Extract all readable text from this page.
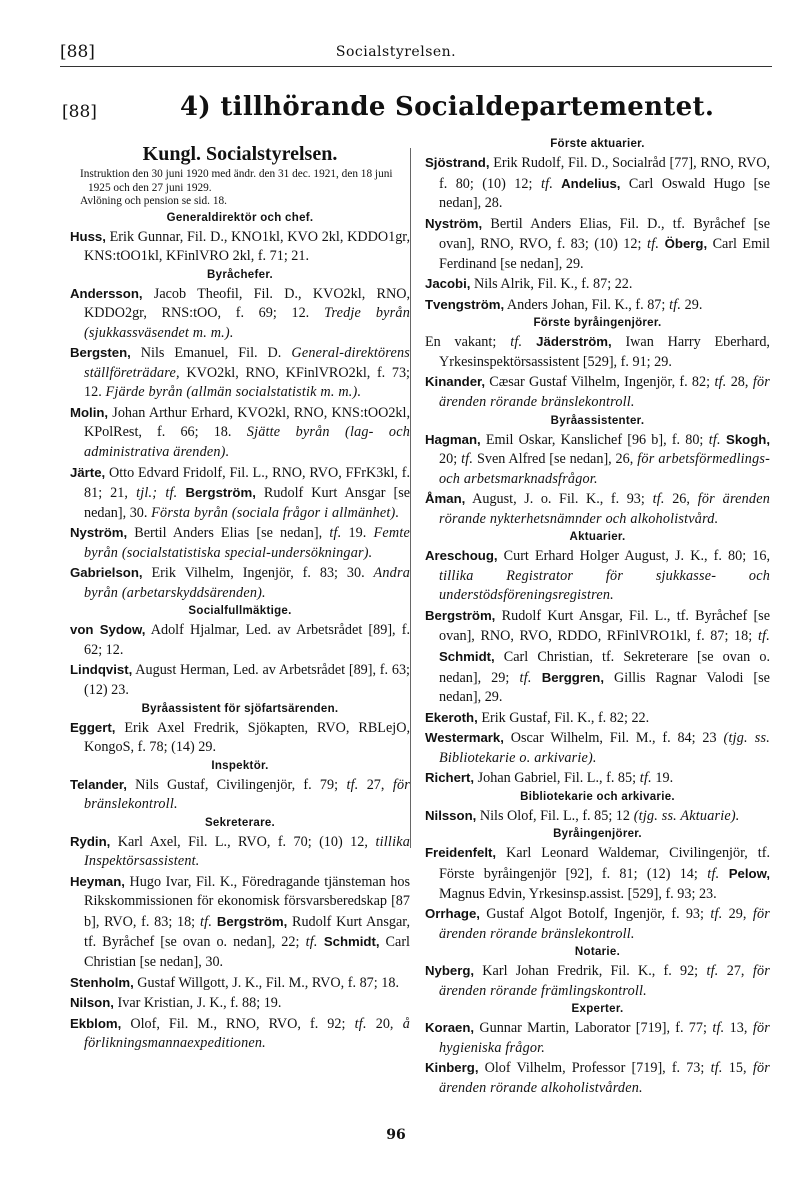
[88]	Socialstyrelsen.
[88]	4) tillhörande Socialdepartementet.
Kungl. Socialstyrelsen.
Instruktion den 30 juni 1920 med ändr. den 31 dec. 1921, den 18 juni 1925 och den 27 juni 1929.
Avlöning och pension se sid. 18.
Generaldirektör och chef.
Huss, Erik Gunnar, Fil. D., KNO1kl, KVO 2kl, KDDO1gr, KNS:tOO1kl, KFinlVRO 2kl, f. 71; 21.
Byråchefer.
Andersson, Jacob Theofil, Fil. D., KVO2kl, RNO, KDDO2gr, RNS:tOO, f. 69; 12. Tredje byrån (sjukkassväsendet m. m.).
Bergsten, Nils Emanuel, Fil. D. General-direktörens ställföreträdare, KVO2kl, RNO, KFinlVRO2kl, f. 73; 12. Fjärde byrån (allmän socialstatistik m. m.).
Molin, Johan Arthur Erhard, KVO2kl, RNO, KNS:tOO2kl, KPolRest, f. 66; 18. Sjätte byrån (lag- och administrativa ärenden).
Järte, Otto Edvard Fridolf, Fil. L., RNO, RVO, FFrK3kl, f. 81; 21, tjl.; tf. Bergström, Rudolf Kurt Ansgar [se nedan], 30. Första byrån (sociala frågor i allmänhet).
Nyström, Bertil Anders Elias [se nedan], tf. 19. Femte byrån (socialstatistiska special-undersökningar).
Gabrielson, Erik Vilhelm, Ingenjör, f. 83; 30. Andra byrån (arbetarskyddsärenden).
Socialfullmäktige.
von Sydow, Adolf Hjalmar, Led. av Arbetsrådet [89], f. 62; 12.
Lindqvist, August Herman, Led. av Arbetsrådet [89], f. 63; (12) 23.
Byråassistent för sjöfartsärenden.
Eggert, Erik Axel Fredrik, Sjökapten, RVO, RBLejO, KongoS, f. 78; (14) 29.
Inspektör.
Telander, Nils Gustaf, Civilingenjör, f. 79; tf. 27, för bränslekontroll.
Sekreterare.
Rydin, Karl Axel, Fil. L., RVO, f. 70; (10) 12, tillika Inspektörsassistent.
Heyman, Hugo Ivar, Fil. K., Föredragande tjänsteman hos Rikskommissionen för ekonomisk försvarsberedskap [87 b], RVO, f. 83; 18; tf. Bergström, Rudolf Kurt Ansgar, tf. Byråchef [se ovan o. nedan], 22; tf. Schmidt, Carl Christian [se nedan], 30.
Stenholm, Gustaf Willgott, J. K., Fil. M., RVO, f. 87; 18.
Nilson, Ivar Kristian, J. K., f. 88; 19.
Ekblom, Olof, Fil. M., RNO, RVO, f. 92; tf. 20, å förlikningsmannaexpeditionen.
Förste aktuarier.
Sjöstrand, Erik Rudolf, Fil. D., Socialråd [77], RNO, RVO, f. 80; (10) 12; tf. Andelius, Carl Oswald Hugo [se nedan], 28.
Nyström, Bertil Anders Elias, Fil. D., tf. Byråchef [se ovan], RNO, RVO, f. 83; (10) 12; tf. Öberg, Carl Emil Ferdinand [se nedan], 29.
Jacobi, Nils Alrik, Fil. K., f. 87; 22.
Tvengström, Anders Johan, Fil. K., f. 87; tf. 29.
Förste byråingenjörer.
En vakant; tf. Jäderström, Iwan Harry Eberhard, Yrkesinspektörsassistent [529], f. 91; 29.
Kinander, Cæsar Gustaf Vilhelm, Ingenjör, f. 82; tf. 28, för ärenden rörande bränslekontroll.
Byråassistenter.
Hagman, Emil Oskar, Kanslichef [96 b], f. 80; tf. Skogh, 20; tf. Sven Alfred [se nedan], 26, för arbetsförmedlings- och arbetsmarknadsfrågor.
Åman, August, J. o. Fil. K., f. 93; tf. 26, för ärenden rörande nykterhetsnämnder och alkoholistvård.
Aktuarier.
Areschoug, Curt Erhard Holger August, J. K., f. 80; 16, tillika Registrator för sjukkasse- och understödsföreningsregistren.
Bergström, Rudolf Kurt Ansgar, Fil. L., tf. Byråchef [se ovan], RNO, RVO, RDDO, RFinlVRO1kl, f. 87; 18; tf. Schmidt, Carl Christian, tf. Sekreterare [se ovan o. nedan], 29; tf. Berggren, Gillis Ragnar Valodi [se nedan], 29.
Ekeroth, Erik Gustaf, Fil. K., f. 82; 22.
Westermark, Oscar Wilhelm, Fil. M., f. 84; 23 (tjg. ss. Bibliotekarie o. arkivarie).
Richert, Johan Gabriel, Fil. L., f. 85; tf. 19.
Bibliotekarie och arkivarie.
Nilsson, Nils Olof, Fil. L., f. 85; 12 (tjg. ss. Aktuarie).
Byråingenjörer.
Freidenfelt, Karl Leonard Waldemar, Civilingenjör, tf. Förste byråingenjör [92], f. 81; (12) 14; tf. Pelow, Magnus Edvin, Yrkesinsp.assist. [529], f. 93; 23.
Orrhage, Gustaf Algot Botolf, Ingenjör, f. 93; tf. 29, för ärenden rörande bränslekontroll.
Notarie.
Nyberg, Karl Johan Fredrik, Fil. K., f. 92; tf. 27, för ärenden rörande främlingskontroll.
Experter.
Koraen, Gunnar Martin, Laborator [719], f. 77; tf. 13, för hygieniska frågor.
Kinberg, Olof Vilhelm, Professor [719], f. 73; tf. 15, för ärenden rörande alkoholistvården.
96
